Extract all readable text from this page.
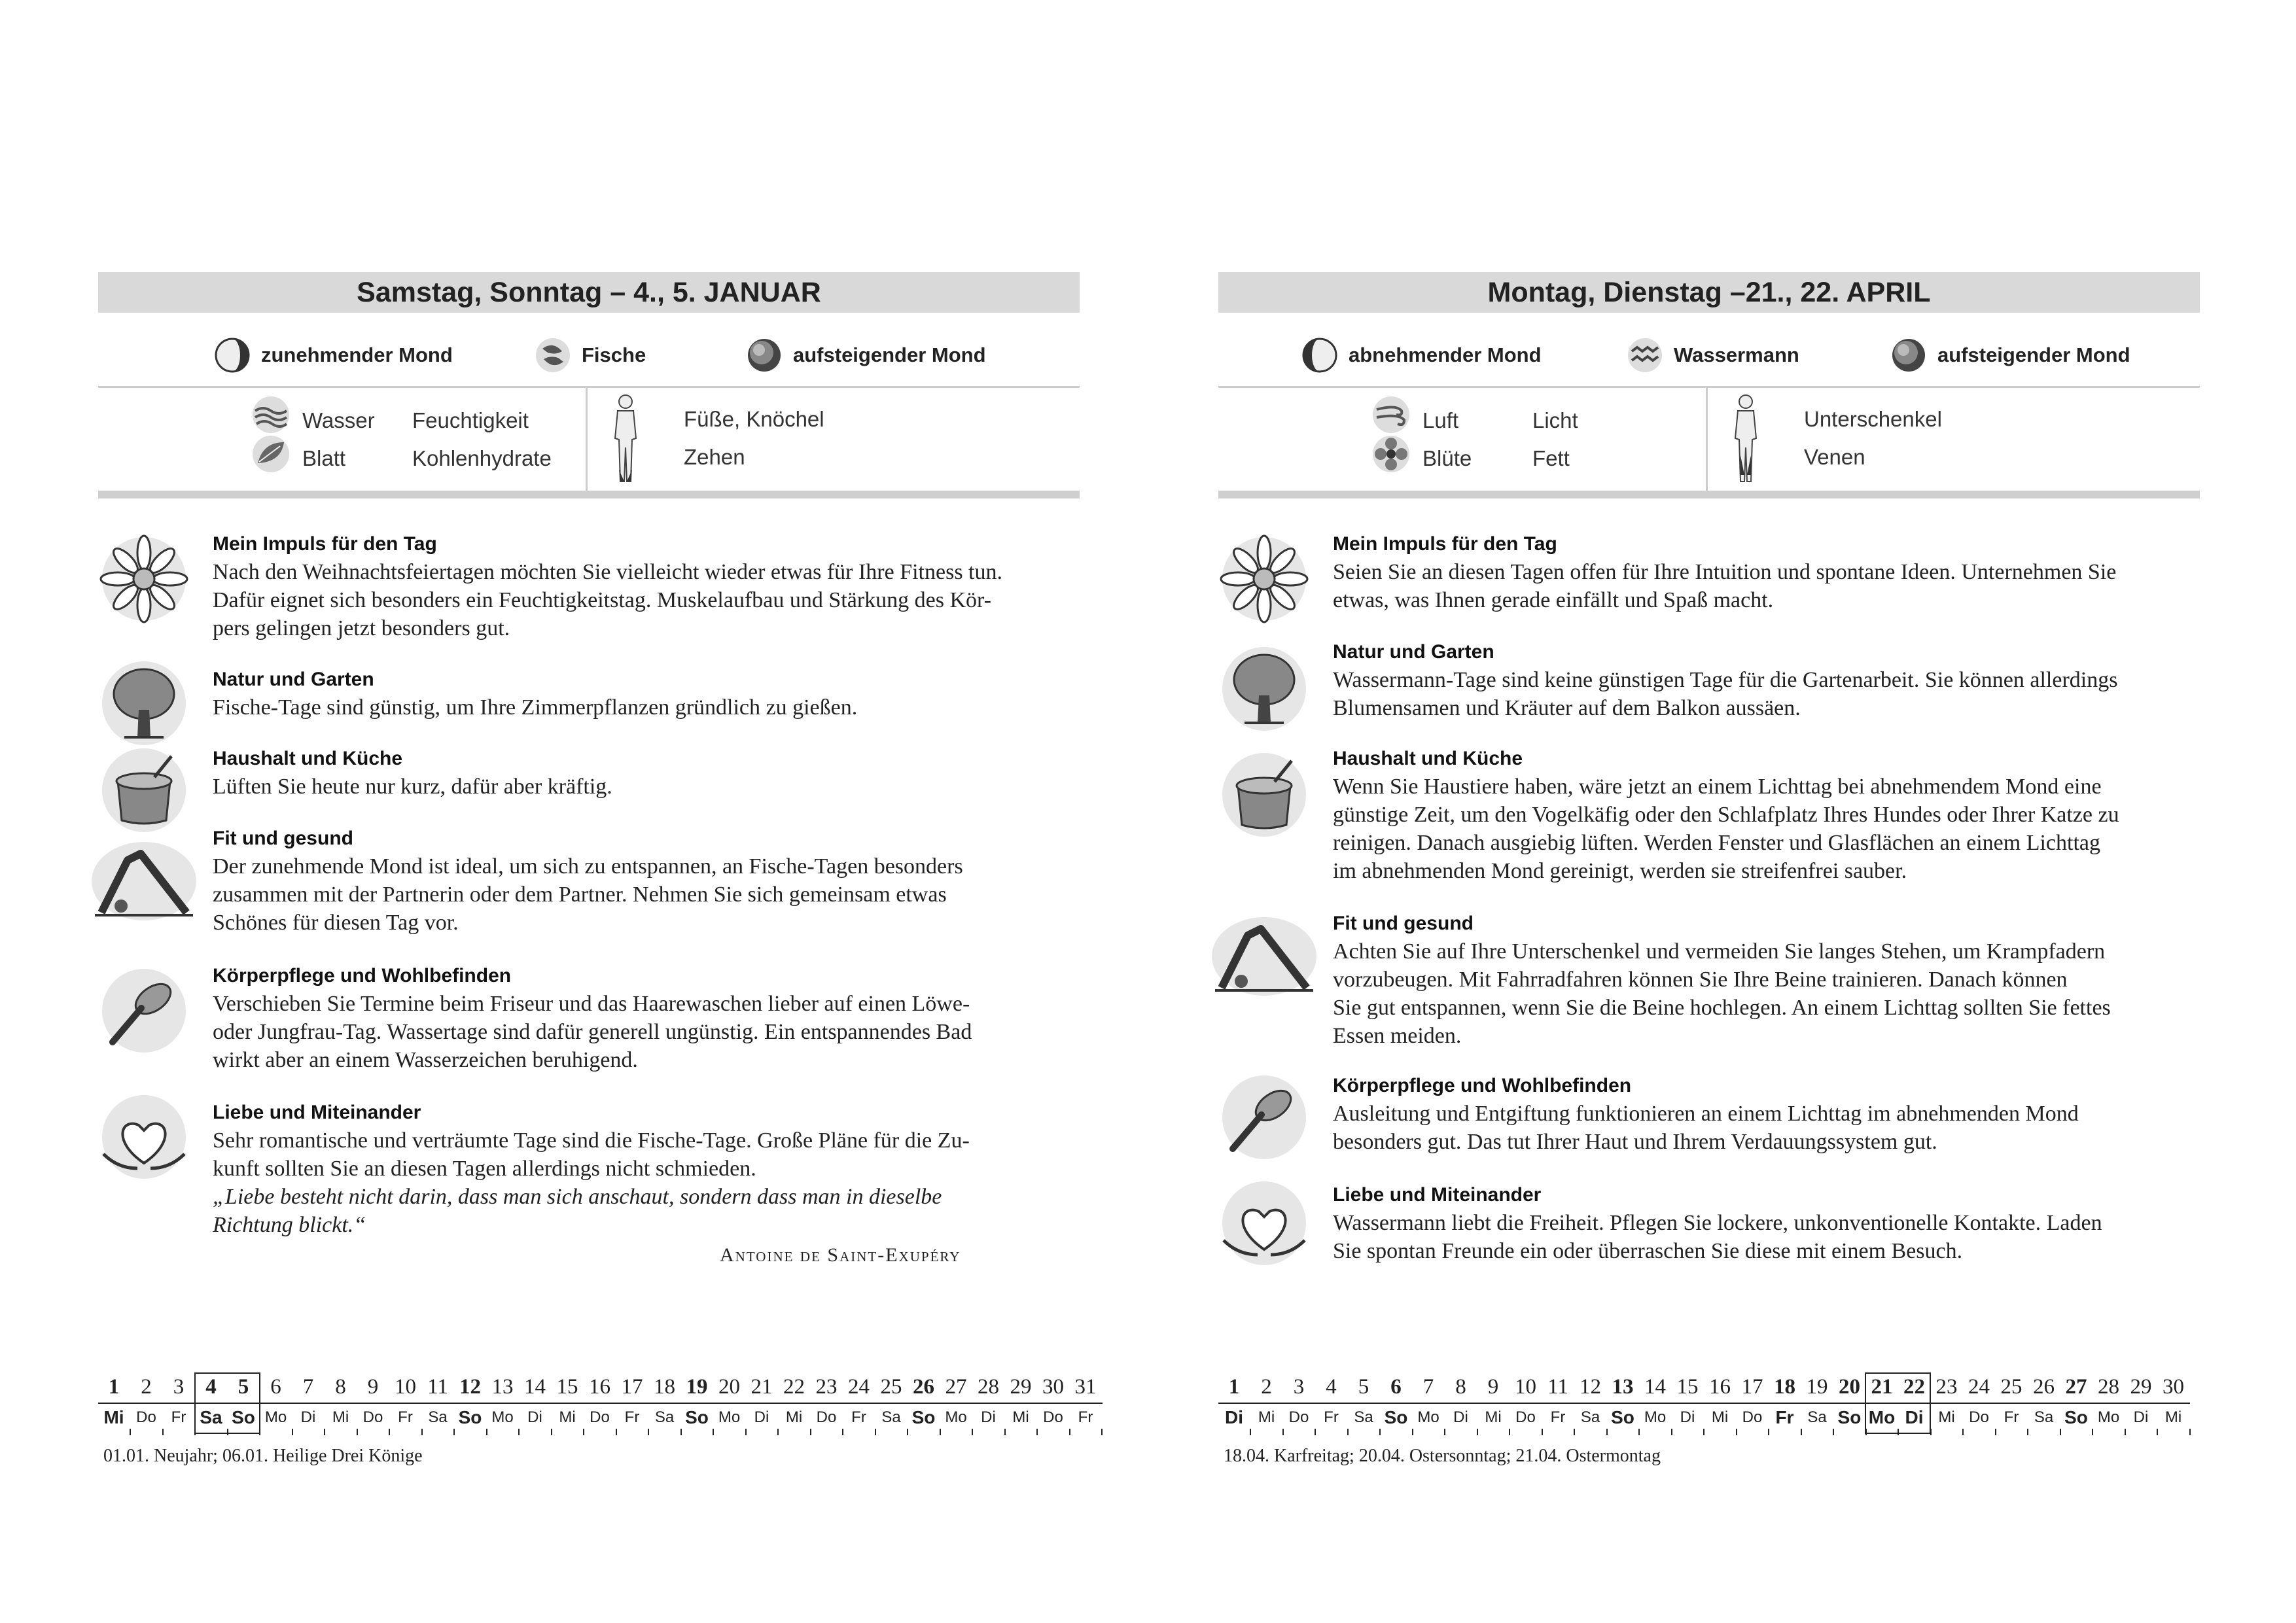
Samstag, Sonntag – 4., 5. JANUAR
zunehmender Mond	Fische	aufsteigender Mond
Wasser Feuchtigkeit
Blatt	Kohlenhydrate
Füße, Knöchel
Zehen
Mein Impuls für den Tag
Nach den Weihnachtsfeiertagen möchten Sie vielleicht wieder etwas für Ihre Fitness tun.
Dafür eignet sich besonders ein Feuchtigkeitstag. Muskelaufbau und Stärkung des Kör-
pers gelingen jetzt besonders gut.
Natur und Garten
Fische-Tage sind günstig, um Ihre Zimmerpflanzen gründlich zu gießen.
Haushalt und Küche
Lüften Sie heute nur kurz, dafür aber kräftig.
Fit und gesund
Der zunehmende Mond ist ideal, um sich zu entspannen, an Fische-Tagen besonders
zusammen mit der Partnerin oder dem Partner. Nehmen Sie sich gemeinsam etwas
Schönes für diesen Tag vor.
Körperpflege und Wohlbefinden
Verschieben Sie Termine beim Friseur und das Haarewaschen lieber auf einen Löwe-
oder Jungfrau-Tag. Wassertage sind dafür generell ungünstig. Ein entspannendes Bad
wirkt aber an einem Wasserzeichen beruhigend.
Liebe und Miteinander
Sehr romantische und verträumte Tage sind die Fische-Tage. Große Pläne für die Zu-
kunft sollten Sie an diesen Tagen allerdings nicht schmieden.
„Liebe besteht nicht darin, dass man sich anschaut, sondern dass man in dieselbe
Richtung blickt.“
Antoine de Saint-Exupéry
1	2	3	4	5	6	7	8	9 10 11 12 13 14 15 16 17 18 19 20 21 22 23 24 25 26 27 28 29 30 31
Mi Do Fr Sa So Mo Di	Mi Do Fr Sa So Mo Di	Mi Do Fr Sa So Mo Di	Mi Do Fr Sa So Mo Di	Mi Do Fr
01.01. Neujahr; 06.01. Heilige Drei Könige
Montag, Dienstag –21., 22. APRIL
abnehmender Mond	Wassermann	aufsteigender Mond
Luft	Licht
Blüte	Fett
Unterschenkel
Venen
Mein Impuls für den Tag
Seien Sie an diesen Tagen offen für Ihre Intuition und spontane Ideen. Unternehmen Sie
etwas, was Ihnen gerade einfällt und Spaß macht.
Natur und Garten
Wassermann-Tage sind keine günstigen Tage für die Gartenarbeit. Sie können allerdings
Blumensamen und Kräuter auf dem Balkon aussäen.
Haushalt und Küche
Wenn Sie Haustiere haben, wäre jetzt an einem Lichttag bei abnehmendem Mond eine
günstige Zeit, um den Vogelkäfig oder den Schlafplatz Ihres Hundes oder Ihrer Katze zu
reinigen. Danach ausgiebig lüften. Werden Fenster und Glasflächen an einem Lichttag
im abnehmenden Mond gereinigt, werden sie streifenfrei sauber.
Fit und gesund
Achten Sie auf Ihre Unterschenkel und vermeiden Sie langes Stehen, um Krampfadern
vorzubeugen. Mit Fahrradfahren können Sie Ihre Beine trainieren. Danach können
Sie gut entspannen, wenn Sie die Beine hochlegen. An einem Lichttag sollten Sie fettes
Essen meiden.
Körperpflege und Wohlbefinden
Ausleitung und Entgiftung funktionieren an einem Lichttag im abnehmenden Mond
besonders gut. Das tut Ihrer Haut und Ihrem Verdauungssystem gut.
Liebe und Miteinander
Wassermann liebt die Freiheit. Pflegen Sie lockere, unkonventionelle Kontakte. Laden
Sie spontan Freunde ein oder überraschen Sie diese mit einem Besuch.
1	2	3	4	5	6	7	8	9 10 11 12 13 14 15 16 17 18 19 20 21 22 23 24 25 26 27 28 29 30
Di Mi Do Fr Sa So Mo Di	Mi Do Fr Sa So Mo Di	Mi Do Fr Sa So Mo Di Mi Do Fr Sa So Mo Di	Mi
18.04. Karfreitag; 20.04. Ostersonntag; 21.04. Ostermontag
